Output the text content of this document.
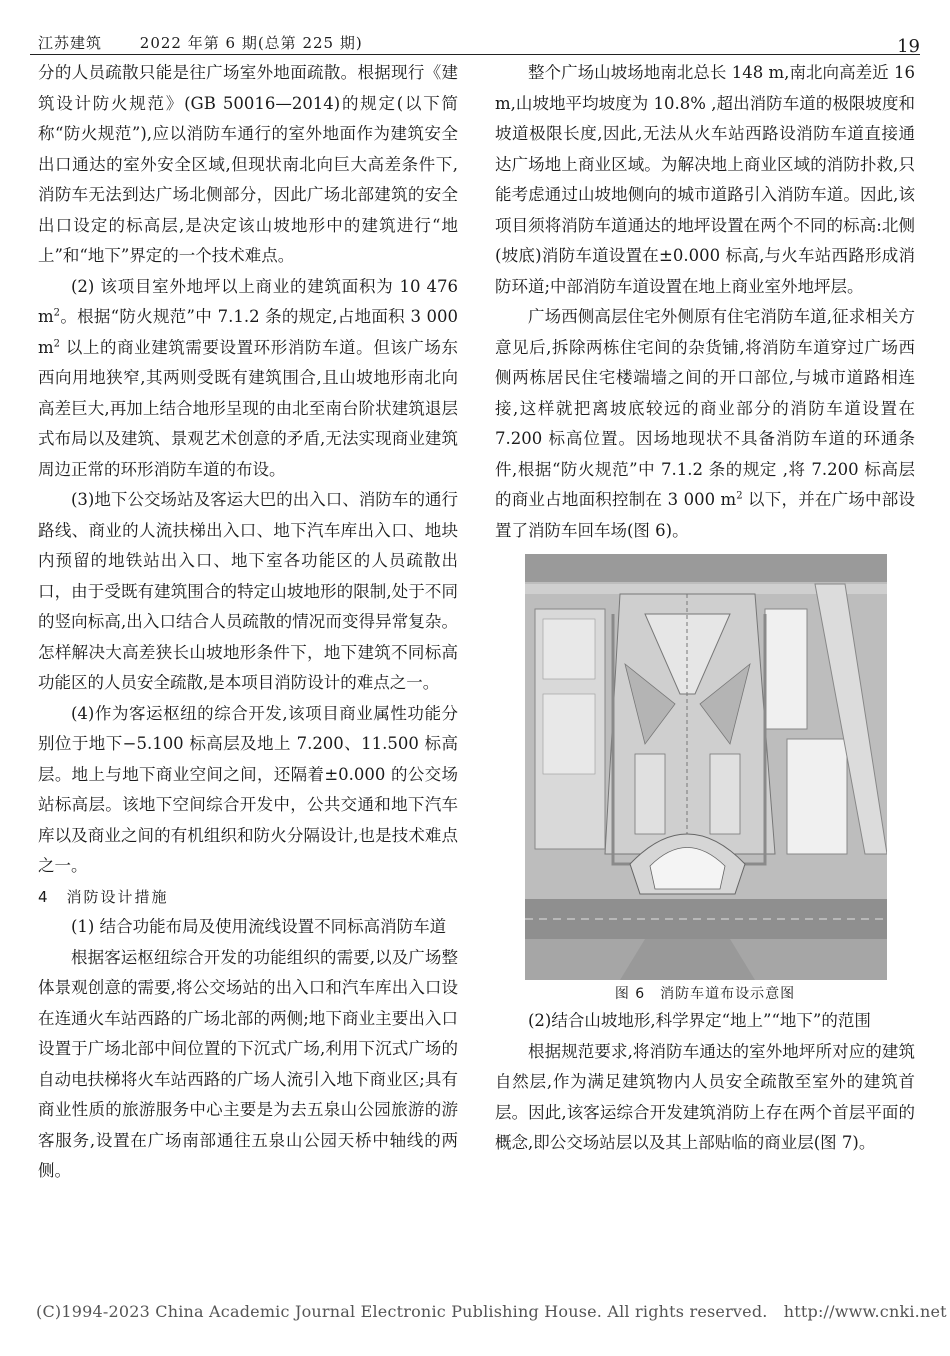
江苏建筑　　	2022 年第 6 期(总第 225 期)	19

分的人员疏散只能是往广场室外地面疏散。根据现行《建筑设计防火规范》(GB 50016—2014)的规定(以下简称“防火规范”),应以消防车通行的室外地面作为建筑安全出口通达的室外安全区域,但现状南北向巨大高差条件下,消防车无法到达广场北侧部分，因此广场北部建筑的安全出口设定的标高层,是决定该山坡地形中的建筑进行“地上”和“地下”界定的一个技术难点。

(2) 该项目室外地坪以上商业的建筑面积为 10 476 $m^2$。根据“防火规范”中 7.1.2 条的规定,占地面积 3 000 $m^2$ 以上的商业建筑需要设置环形消防车道。但该广场东西向用地狭窄,其两则受既有建筑围合,且山坡地形南北向高差巨大,再加上结合地形呈现的由北至南台阶状建筑退层式布局以及建筑、景观艺术创意的矛盾,无法实现商业建筑周边正常的环形消防车道的布设。

(3)地下公交场站及客运大巴的出入口、消防车的通行路线、商业的人流扶梯出入口、地下汽车库出入口、地块内预留的地铁站出入口、地下室各功能区的人员疏散出口，由于受既有建筑围合的特定山坡地形的限制,处于不同的竖向标高,出入口结合人员疏散的情况而变得异常复杂。怎样解决大高差狭长山坡地形条件下，地下建筑不同标高功能区的人员安全疏散,是本项目消防设计的难点之一。

(4)作为客运枢纽的综合开发,该项目商业属性功能分别位于地下−5.100 标高层及地上 7.200、11.500 标高层。地上与地下商业空间之间，还隔着±0.000 的公交场站标高层。该地下空间综合开发中，公共交通和地下汽车库以及商业之间的有机组织和防火分隔设计,也是技术难点之一。

4　消防设计措施

(1) 结合功能布局及使用流线设置不同标高消防车道

根据客运枢纽综合开发的功能组织的需要,以及广场整体景观创意的需要,将公交场站的出入口和汽车库出入口设在连通火车站西路的广场北部的两侧;地下商业主要出入口设置于广场北部中间位置的下沉式广场,利用下沉式广场的自动电扶梯将火车站西路的广场人流引入地下商业区;具有商业性质的旅游服务中心主要是为去五泉山公园旅游的游客服务,设置在广场南部通往五泉山公园天桥中轴线的两侧。

整个广场山坡场地南北总长 148 m,南北向高差近 16 m,山坡地平均坡度为 10.8% ,超出消防车道的极限坡度和坡道极限长度,因此,无法从火车站西路设消防车道直接通达广场地上商业区域。为解决地上商业区域的消防扑救,只能考虑通过山坡地侧向的城市道路引入消防车道。因此,该项目须将消防车道通达的地坪设置在两个不同的标高:北侧(坡底)消防车道设置在±0.000 标高,与火车站西路形成消防环道;中部消防车道设置在地上商业室外地坪层。

广场西侧高层住宅外侧原有住宅消防车道,征求相关方意见后,拆除两栋住宅间的杂货铺,将消防车道穿过广场西侧两栋居民住宅楼端墙之间的开口部位,与城市道路相连接,这样就把离坡底较远的商业部分的消防车道设置在 7.200 标高位置。因场地现状不具备消防车道的环通条件,根据“防火规范”中 7.1.2 条的规定 ,将 7.200 标高层的商业占地面积控制在 3 000 $m^2$ 以下，并在广场中部设置了消防车回车场(图 6)。

图 6　消防车道布设示意图

(2)结合山坡地形,科学界定“地上”“地下”的范围

根据规范要求,将消防车通达的室外地坪所对应的建筑自然层,作为满足建筑物内人员安全疏散至室外的建筑首层。因此,该客运综合开发建筑消防上存在两个首层平面的概念,即公交场站层以及其上部贴临的商业层(图 7)。

(C)1994-2023 China Academic Journal Electronic Publishing House. All rights reserved.　http://www.cnki.net
